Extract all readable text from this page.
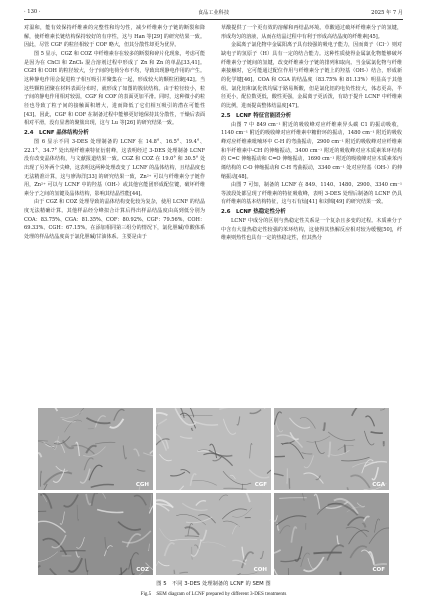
· 130 ·	食品工业科技	2025 年 7 月

对温和，能有效保持纤维素的完整性和均匀性，减少纤维素分子链的断裂和降解，使纤维素长链结构保持较好的有序性，这与 Han 等[29] 的研究结果一致。因此，尽管 CGF 的粒径相较于 COF 略大，但其分散性却更为优异。

图 5 显示，CGZ 和 COZ 中纤维素存在较多的断裂和碎片化现象，考虑可能是因为在 ChCl 和 ZnCl₂ 混合溶剂过程中形成了 Zn 和 Zn 的单晶[33,41]。CGH 和 COH 的粒径较大，分子间的电荷分布不均，导致出现静电作用的产生。这种静电作用会促进粒子相互吸引并聚集在一起，形成较大的颗粒团聚[42]。当这些颗粒团聚在材料表面分布时，就形成了如图的簇状结构。由于粒径较小，粒子间的静电作用相对较弱，CGF 和 COF 的表面更加平滑。同时，这种微小的粒径也导致了粒子间的接触面积增大，进而降低了它们相互吸引的潜在可能性[43]。因此，CGF 和 COF 在制备过程中能够更好地保持其分散性，干燥后表面相对平滑，没有显著的聚簇出现，这与 Lu 等[26] 的研究结果一致。

2.4　LCNF 晶体结构分析

图 6 显示不同 3-DES 处理制备的 LCNF 在 14.8°、16.5°、19.4°、22.1°、34.7° 处出现纤维素特征衍射峰，这表明经过 3-DES 处理制备 LCNF 没有改变晶体结构，与文献报道结果一致。CGZ 和 COZ 在 19.0° 和 30.5° 处出现了另外两个尖峰，这表明这两种处理改变了 LCNF 的晶体结构，且结晶度也无法精准计算，这与廖海洋[33] 的研究结果一致，Zn²⁺ 可以与纤维素分子链作用，Zn²⁺ 可以与 LCNF 中的羟基（OH-）或其他官能团形成配位键，破坏纤维素分子之间的氢键及晶体结构，影响其结晶性能[44]。

由于 CGZ 和 COZ 处理导致的晶体结构变化较为复杂，使用 LCNF 的结晶度无法精确计算。其他样品经分峰拟合计算后得出样品结晶度由高到低分别为 COA：83.75%、CGA：81.35%、COF：80.92%、CGF：79.56%、COH：69.33%、CGH：67.15%。在添加相同第三组分的情况下，氯化胆碱/草酸体系处理的样品结晶度高于氯化胆碱/甘油体系。主要是由于

草酸提供了一个更有效的溶解和再结晶环境。草酸通过破坏纤维素分子的氢键，形成均匀的溶液，从而在结晶过程中有利于形成高结晶度的纤维素[45]。

金属离子氯化物中金属阳离子具有较强的吸电子能力，因而离子（Cl⁻）则对缺电子的氢原子（H）具有一定的结合能力。这种性质使得金属氯化物能够破坏纤维素分子链间的氢键，改变纤维素分子链的排列和取向。当金属氯化物与纤维素接触时，它可能通过配位作用与纤维素分子链上的羟基（OH-）结合，形成新的化学键[46]。COA 和 CGA 的结晶度（83.75% 和 81.13%）明显高于其他组。氯化铝和氯化铁均属于路易斯酸，但是氯化铝的电负性较大，体态更高，半径更小，配位数更低，酸性更强，金属离子更活泼，有助于提升 LCNF 中纤维素的比例，进而提高整体结晶度[47]。

2.5　LCNF 特征官能团分析

由图 7 中 849 cm⁻¹ 附近的吸收峰对应纤维素异头碳 C1 的振动吸收，1140 cm⁻¹ 附近的吸收峰对应纤维素中糖酐环的振动，1480 cm⁻¹ 附近的吸收峰对应纤维素吡喃环中 C-H 的弯曲振动，2900 cm⁻¹ 附近的吸收峰对应纤维素和半纤维素中-CH 的伸缩振动，3400 cm⁻¹ 附近的吸收峰对应木质素苯环结构的 C=C 伸缩振动和 C=O 伸缩振动，1690 cm⁻¹ 附近的吸收峰对应木质素苯丙烯结构的 C-O 伸缩振动和 C-H 弯曲振动，3340 cm⁻¹ 处对应羟基（OH-）的伸缩振动[48]。

由图 7 可知，制备的 LCNF 在 849、1140、1480、2900、3340 cm⁻¹ 等波段处都呈现了纤维素的特征吸收峰，表明 3-DES 处理后制备的 LCNF 仍具有纤维素的基本结构特征，这与石有灿[41] 和刘锦[49] 的研究结果一致。

2.6　LCNF 热稳定性分析

LCNF 中成分的区别与热稳定性关系是一个复杂且多变的过程。木质素分子中含有大量热稳定性较强的苯环结构，这使得其热解反应相对较为缓慢[50]，纤维素则热性也具有一定的热稳定性，但其热分

CGH	CGF	CGA
COZ	COH	COF
图 5　不同 3-DES 处理制备的 LCNF 的 SEM 图
Fig.5　SEM diagram of LCNF prepared by different 3-DES treatments
